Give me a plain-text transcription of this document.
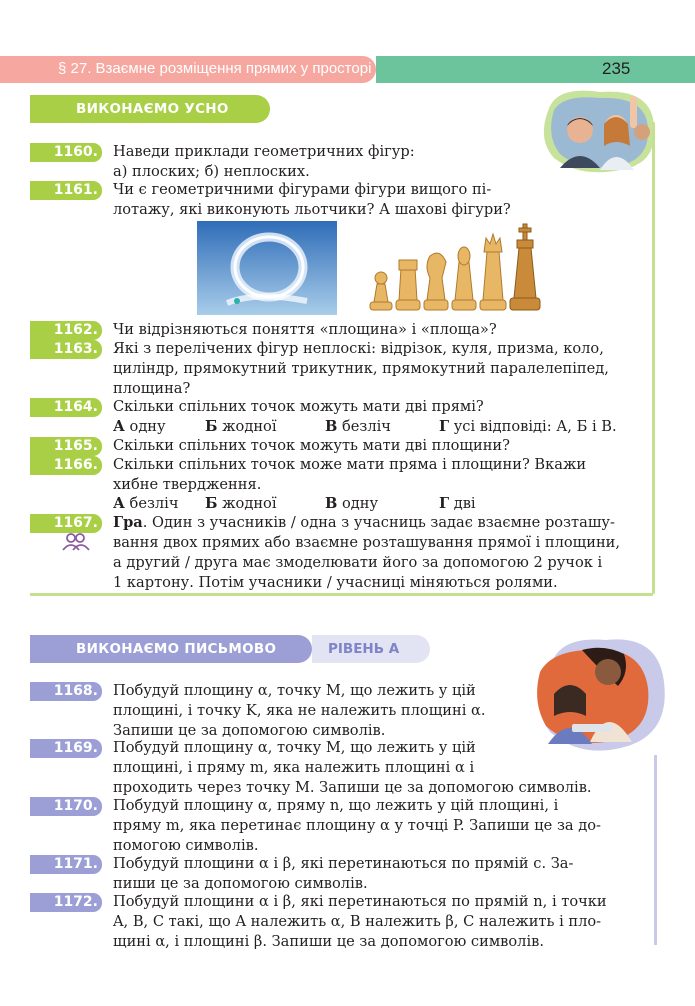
§ 27. Взаємне розміщення прямих у просторі	235
ВИКОНАЄМО УСНО
1160. Наведи приклади геометричних фігур:
а) плоских; б) неплоских.
1161. Чи є геометричними фігурами фігури вищого пі-
лотажу, які виконують льотчики? А шахові фігури?
1162. Чи відрізняються поняття «площина» і «площа»?
1163. Які з перелічених фігур неплоскі: відрізок, куля, призма, коло,
циліндр, прямокутний трикутник, прямокутний паралелепіпед,
площина?
1164. Скільки спільних точок можуть мати дві прямі?
А одну	Б жодної	В безліч	Г усі відповіді: А, Б і В.
1165. Скільки спільних точок можуть мати дві площини?
1166. Скільки спільних точок може мати пряма і площини? Вкажи
хибне твердження.
А безліч Б жодної	В одну	Г дві
1167. Гра. Один з учасників / одна з учасниць задає взаємне розташу-
вання двох прямих або взаємне розташування прямої і площини,
а другий / друга має змоделювати його за допомогою 2 ручок і
1 картону. Потім учасники / учасниці міняються ролями.
ВИКОНАЄМО ПИСЬМОВО	РІВЕНЬ А
1168. Побудуй площину α, точку M, що лежить у цій
площині, і точку K, яка не належить площині α.
Запиши це за допомогою символів.
1169. Побудуй площину α, точку M, що лежить у цій
площині, і пряму m, яка належить площині α і
проходить через точку M. Запиши це за допомогою символів.
1170. Побудуй площину α, пряму n, що лежить у цій площині, і
пряму m, яка перетинає площину α у точці P. Запиши це за до-
помогою символів.
1171. Побудуй площини α і β, які перетинаються по прямій c. За-
пиши це за допомогою символів.
1172. Побудуй площини α і β, які перетинаються по прямій n, і точки
A, B, C такі, що A належить α, B належить β, C належить і пло-
щині α, і площині β. Запиши це за допомогою символів.
